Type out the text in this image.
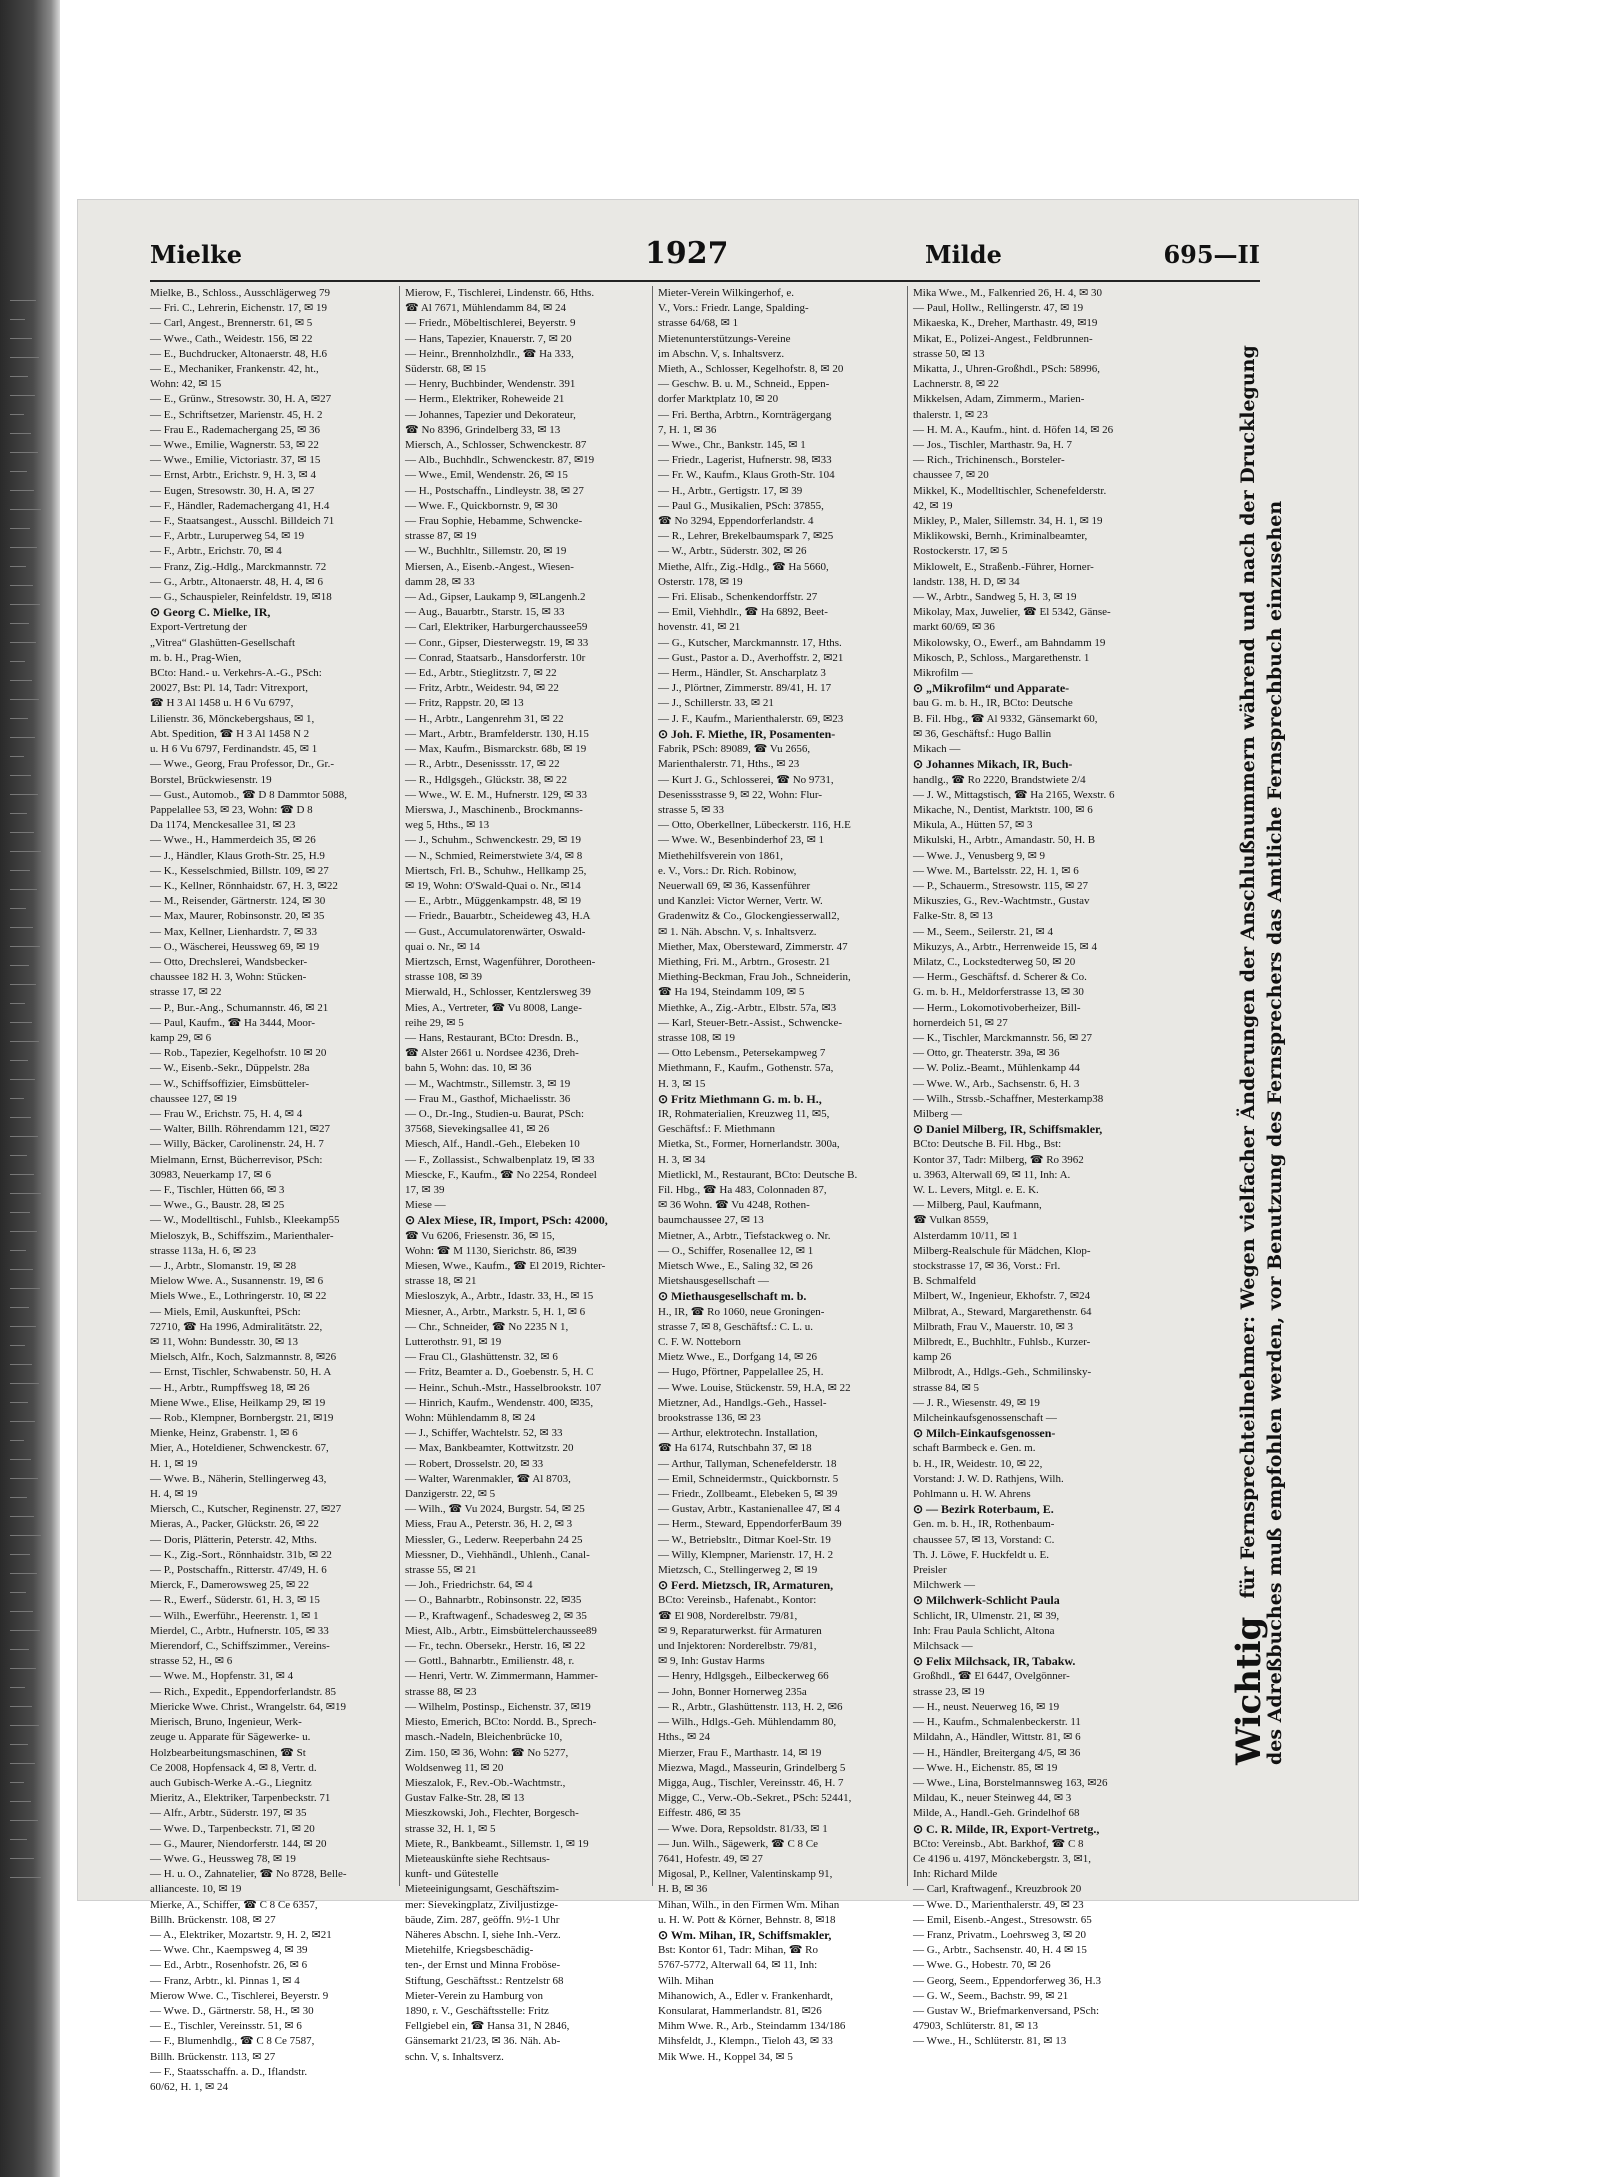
Mielke	1927	Milde	695—II
Mielke, B., Schloss., Ausschlägerweg 79
— Fri. C., Lehrerin, Eichenstr. 17, ✉ 19
— Carl, Angest., Brennerstr. 61, ✉ 5
— Wwe., Cath., Weidestr. 156, ✉ 22
— E., Buchdrucker, Altonaerstr. 48, H.6
— E., Mechaniker, Frankenstr. 42, ht.,
Wohn: 42, ✉ 15
— E., Grünw., Stresowstr. 30, H. A, ✉27
— E., Schriftsetzer, Marienstr. 45, H. 2
— Frau E., Rademachergang 25, ✉ 36
— Wwe., Emilie, Wagnerstr. 53, ✉ 22
— Wwe., Emilie, Victoriastr. 37, ✉ 15
— Ernst, Arbtr., Erichstr. 9, H. 3, ✉ 4
— Eugen, Stresowstr. 30, H. A, ✉ 27
— F., Händler, Rademachergang 41, H.4
— F., Staatsangest., Ausschl. Billdeich 71
— F., Arbtr., Luruperweg 54, ✉ 19
— F., Arbtr., Erichstr. 70, ✉ 4
— Franz, Zig.-Hdlg., Marckmannstr. 72
— G., Arbtr., Altonaerstr. 48, H. 4, ✉ 6
— G., Schauspieler, Reinfeldstr. 19, ✉18
⊙ Georg C. Mielke, IR,
Export-Vertretung der
„Vitrea“ Glashütten-Gesellschaft
m. b. H., Prag-Wien,
BCto: Hand.- u. Verkehrs-A.-G., PSch:
20027, Bst: Pl. 14, Tadr: Vitrexport,
☎ H 3 Al 1458 u. H 6 Vu 6797,
Lilienstr. 36, Mönckebergshaus, ✉ 1,
Abt. Spedition, ☎ H 3 Al 1458 N 2
u. H 6 Vu 6797, Ferdinandstr. 45, ✉ 1
— Wwe., Georg, Frau Professor, Dr., Gr.-
Borstel, Brückwiesenstr. 19
— Gust., Automob., ☎ D 8 Dammtor 5088,
Pappelallee 53, ✉ 23, Wohn: ☎ D 8
Da 1174, Menckesallee 31, ✉ 23
— Wwe., H., Hammerdeich 35, ✉ 26
— J., Händler, Klaus Groth-Str. 25, H.9
— K., Kesselschmied, Billstr. 109, ✉ 27
— K., Kellner, Rönnhaidstr. 67, H. 3, ✉22
— M., Reisender, Gärtnerstr. 124, ✉ 30
— Max, Maurer, Robinsonstr. 20, ✉ 35
— Max, Kellner, Lienhardstr. 7, ✉ 33
— O., Wäscherei, Heussweg 69, ✉ 19
— Otto, Drechslerei, Wandsbecker-
chaussee 182 H. 3, Wohn: Stücken-
strasse 17, ✉ 22
— P., Bur.-Ang., Schumannstr. 46, ✉ 21
— Paul, Kaufm., ☎ Ha 3444, Moor-
kamp 29, ✉ 6
— Rob., Tapezier, Kegelhofstr. 10 ✉ 20
— W., Eisenb.-Sekr., Düppelstr. 28a
— W., Schiffsoffizier, Eimsbütteler-
chaussee 127, ✉ 19
— Frau W., Erichstr. 75, H. 4, ✉ 4
— Walter, Billh. Röhrendamm 121, ✉27
— Willy, Bäcker, Carolinenstr. 24, H. 7
Mielmann, Ernst, Bücherrevisor, PSch:
30983, Neuerkamp 17, ✉ 6
— F., Tischler, Hütten 66, ✉ 3
— Wwe., G., Baustr. 28, ✉ 25
— W., Modelltischl., Fuhlsb., Kleekamp55
Mieloszyk, B., Schiffszim., Marienthaler-
strasse 113a, H. 6, ✉ 23
— J., Arbtr., Slomanstr. 19, ✉ 28
Mielow Wwe. A., Susannenstr. 19, ✉ 6
Miels Wwe., E., Lothringerstr. 10, ✉ 22
— Miels, Emil, Auskunftei, PSch:
72710, ☎ Ha 1996, Admiralitätstr. 22,
✉ 11, Wohn: Bundesstr. 30, ✉ 13
Mielsch, Alfr., Koch, Salzmannstr. 8, ✉26
— Ernst, Tischler, Schwabenstr. 50, H. A
— H., Arbtr., Rumpffsweg 18, ✉ 26
Miene Wwe., Elise, Heilkamp 29, ✉ 19
— Rob., Klempner, Bornbergstr. 21, ✉19
Mienke, Heinz, Grabenstr. 1, ✉ 6
Mier, A., Hoteldiener, Schwenckestr. 67,
H. 1, ✉ 19
— Wwe. B., Näherin, Stellingerweg 43,
H. 4, ✉ 19
Miersch, C., Kutscher, Reginenstr. 27, ✉27
Mieras, A., Packer, Glückstr. 26, ✉ 22
— Doris, Plätterin, Peterstr. 42, Mths.
— K., Zig.-Sort., Rönnhaidstr. 31b, ✉ 22
— P., Postschaffn., Ritterstr. 47/49, H. 6
Mierck, F., Damerowsweg 25, ✉ 22
— R., Ewerf., Süderstr. 61, H. 3, ✉ 15
— Wilh., Ewerführ., Heerenstr. 1, ✉ 1
Mierdel, C., Arbtr., Hufnerstr. 105, ✉ 33
Mierendorf, C., Schiffszimmer., Vereins-
strasse 52, H., ✉ 6
— Wwe. M., Hopfenstr. 31, ✉ 4
— Rich., Expedit., Eppendorferlandstr. 85
Miericke Wwe. Christ., Wrangelstr. 64, ✉19
Mierisch, Bruno, Ingenieur, Werk-
zeuge u. Apparate für Sägewerke- u.
Holzbearbeitungsmaschinen, ☎ St
Ce 2008, Hopfensack 4, ✉ 8, Vertr. d.
auch Gubisch-Werke A.-G., Liegnitz
Mieritz, A., Elektriker, Tarpenbeckstr. 71
— Alfr., Arbtr., Süderstr. 197, ✉ 35
— Wwe. D., Tarpenbeckstr. 71, ✉ 20
— G., Maurer, Niendorferstr. 144, ✉ 20
— Wwe. G., Heussweg 78, ✉ 19
— H. u. O., Zahnatelier, ☎ No 8728, Belle-
allianceste. 10, ✉ 19
Mierke, A., Schiffer, ☎ C 8 Ce 6357,
Billh. Brückenstr. 108, ✉ 27
— A., Elektriker, Mozartstr. 9, H. 2, ✉21
— Wwe. Chr., Kaempsweg 4, ✉ 39
— Ed., Arbtr., Rosenhofstr. 26, ✉ 6
— Franz, Arbtr., kl. Pinnas 1, ✉ 4
Mierow Wwe. C., Tischlerei, Beyerstr. 9
— Wwe. D., Gärtnerstr. 58, H., ✉ 30
— E., Tischler, Vereinsstr. 51, ✉ 6
— F., Blumenhdlg., ☎ C 8 Ce 7587,
Billh. Brückenstr. 113, ✉ 27
— F., Staatsschaffn. a. D., Iflandstr.
60/62, H. 1, ✉ 24
Mierow, F., Tischlerei, Lindenstr. 66, Hths.
☎ Al 7671, Mühlendamm 84, ✉ 24
— Friedr., Möbeltischlerei, Beyerstr. 9
— Hans, Tapezier, Knauerstr. 7, ✉ 20
— Heinr., Brennholzhdlr., ☎ Ha 333,
Süderstr. 68, ✉ 15
— Henry, Buchbinder, Wendenstr. 391
— Herm., Elektriker, Roheweide 21
— Johannes, Tapezier und Dekorateur,
☎ No 8396, Grindelberg 33, ✉ 13
Miersch, A., Schlosser, Schwenckestr. 87
— Alb., Buchhdlr., Schwenckestr. 87, ✉19
— Wwe., Emil, Wendenstr. 26, ✉ 15
— H., Postschaffn., Lindleystr. 38, ✉ 27
— Wwe. F., Quickbornstr. 9, ✉ 30
— Frau Sophie, Hebamme, Schwencke-
strasse 87, ✉ 19
— W., Buchhltr., Sillemstr. 20, ✉ 19
Miersen, A., Eisenb.-Angest., Wiesen-
damm 28, ✉ 33
— Ad., Gipser, Laukamp 9, ✉Langenh.2
— Aug., Bauarbtr., Starstr. 15, ✉ 33
— Carl, Elektriker, Harburgerchaussee59
— Conr., Gipser, Diesterwegstr. 19, ✉ 33
— Conrad, Staatsarb., Hansdorferstr. 10r
— Ed., Arbtr., Stieglitzstr. 7, ✉ 22
— Fritz, Arbtr., Weidestr. 94, ✉ 22
— Fritz, Rappstr. 20, ✉ 13
— H., Arbtr., Langenrehm 31, ✉ 22
— Mart., Arbtr., Bramfelderstr. 130, H.15
— Max, Kaufm., Bismarckstr. 68b, ✉ 19
— R., Arbtr., Desenissstr. 17, ✉ 22
— R., Hdlgsgeh., Glückstr. 38, ✉ 22
— Wwe., W. E. M., Hufnerstr. 129, ✉ 33
Mierswa, J., Maschinenb., Brockmanns-
weg 5, Hths., ✉ 13
— J., Schuhm., Schwenckestr. 29, ✉ 19
— N., Schmied, Reimerstwiete 3/4, ✉ 8
Miertsch, Frl. B., Schuhw., Hellkamp 25,
✉ 19, Wohn: O'Swald-Quai o. Nr., ✉14
— E., Arbtr., Müggenkampstr. 48, ✉ 19
— Friedr., Bauarbtr., Scheideweg 43, H.A
— Gust., Accumulatorenwärter, Oswald-
quai o. Nr., ✉ 14
Miertzsch, Ernst, Wagenführer, Dorotheen-
strasse 108, ✉ 39
Mierwald, H., Schlosser, Kentzlersweg 39
Mies, A., Vertreter, ☎ Vu 8008, Lange-
reihe 29, ✉ 5
— Hans, Restaurant, BCto: Dresdn. B.,
☎ Alster 2661 u. Nordsee 4236, Dreh-
bahn 5, Wohn: das. 10, ✉ 36
— M., Wachtmstr., Sillemstr. 3, ✉ 19
— Frau M., Gasthof, Michaelisstr. 36
— O., Dr.-Ing., Studien-u. Baurat, PSch:
37568, Sievekingsallee 41, ✉ 26
Miesch, Alf., Handl.-Geh., Elebeken 10
— F., Zollassist., Schwalbenplatz 19, ✉ 33
Miescke, F., Kaufm., ☎ No 2254, Rondeel
17, ✉ 39
Miese —
⊙ Alex Miese, IR, Import, PSch: 42000,
☎ Vu 6206, Friesenstr. 36, ✉ 15,
Wohn: ☎ M 1130, Sierichstr. 86, ✉39
Miesen, Wwe., Kaufm., ☎ El 2019, Richter-
strasse 18, ✉ 21
Miesloszyk, A., Arbtr., Idastr. 33, H., ✉ 15
Miesner, A., Arbtr., Markstr. 5, H. 1, ✉ 6
— Chr., Schneider, ☎ No 2235 N 1,
Lutterothstr. 91, ✉ 19
— Frau Cl., Glashüttenstr. 32, ✉ 6
— Fritz, Beamter a. D., Goebenstr. 5, H. C
— Heinr., Schuh.-Mstr., Hasselbrookstr. 107
— Hinrich, Kaufm., Wendenstr. 400, ✉35,
Wohn: Mühlendamm 8, ✉ 24
— J., Schiffer, Wachtelstr. 52, ✉ 33
— Max, Bankbeamter, Kottwitzstr. 20
— Robert, Drosselstr. 20, ✉ 33
— Walter, Warenmakler, ☎ Al 8703,
Danzigerstr. 22, ✉ 5
— Wilh., ☎ Vu 2024, Burgstr. 54, ✉ 25
Miess, Frau A., Peterstr. 36, H. 2, ✉ 3
Miessler, G., Lederw. Reeperbahn 24 25
Miessner, D., Viehhändl., Uhlenh., Canal-
strasse 55, ✉ 21
— Joh., Friedrichstr. 64, ✉ 4
— O., Bahnarbtr., Robinsonstr. 22, ✉35
— P., Kraftwagenf., Schadesweg 2, ✉ 35
Miest, Alb., Arbtr., Eimsbüttelerchaussee89
— Fr., techn. Obersekr., Herstr. 16, ✉ 22
— Gottl., Bahnarbtr., Emilienstr. 48, r.
— Henri, Vertr. W. Zimmermann, Hammer-
strasse 88, ✉ 23
— Wilhelm, Postinsp., Eichenstr. 37, ✉19
Miesto, Emerich, BCto: Nordd. B., Sprech-
masch.-Nadeln, Bleichenbrücke 10,
Zim. 150, ✉ 36, Wohn: ☎ No 5277,
Woldsenweg 11, ✉ 20
Mieszalok, F., Rev.-Ob.-Wachtmstr.,
Gustav Falke-Str. 28, ✉ 13
Mieszkowski, Joh., Flechter, Borgesch-
strasse 32, H. 1, ✉ 5
Miete, R., Bankbeamt., Sillemstr. 1, ✉ 19
Mieteauskünfte siehe Rechtsaus-
kunft- und Gütestelle
Mieteeinigungsamt, Geschäftszim-
mer: Sievekingplatz, Ziviljustizge-
bäude, Zim. 287, geöffn. 9½-1 Uhr
Näheres Abschn. I, siehe Inh.-Verz.
Mietehilfe, Kriegsbeschädig-
ten-, der Ernst und Minna Froböse-
Stiftung, Geschäftsst.: Rentzelstr 68
Mieter-Verein zu Hamburg von
1890, r. V., Geschäftsstelle: Fritz
Fellgiebel ein, ☎ Hansa 31, N 2846,
Gänsemarkt 21/23, ✉ 36. Näh. Ab-
schn. V, s. Inhaltsverz.
Mieter-Verein Wilkingerhof, e.
V., Vors.: Friedr. Lange, Spalding-
strasse 64/68, ✉ 1
Mietenunterstützungs-Vereine
im Abschn. V, s. Inhaltsverz.
Mieth, A., Schlosser, Kegelhofstr. 8, ✉ 20
— Geschw. B. u. M., Schneid., Eppen-
dorfer Marktplatz 10, ✉ 20
— Fri. Bertha, Arbtrn., Kornträgergang
7, H. 1, ✉ 36
— Wwe., Chr., Bankstr. 145, ✉ 1
— Friedr., Lagerist, Hufnerstr. 98, ✉33
— Fr. W., Kaufm., Klaus Groth-Str. 104
— H., Arbtr., Gertigstr. 17, ✉ 39
— Paul G., Musikalien, PSch: 37855,
☎ No 3294, Eppendorferlandstr. 4
— R., Lehrer, Brekelbaumspark 7, ✉25
— W., Arbtr., Süderstr. 302, ✉ 26
Miethe, Alfr., Zig.-Hdlg., ☎ Ha 5660,
Osterstr. 178, ✉ 19
— Fri. Elisab., Schenkendorffstr. 27
— Emil, Viehhdlr., ☎ Ha 6892, Beet-
hovenstr. 41, ✉ 21
— G., Kutscher, Marckmannstr. 17, Hths.
— Gust., Pastor a. D., Averhoffstr. 2, ✉21
— Herm., Händler, St. Anscharplatz 3
— J., Plörtner, Zimmerstr. 89/41, H. 17
— J., Schillerstr. 33, ✉ 21
— J. F., Kaufm., Marienthalerstr. 69, ✉23
⊙ Joh. F. Miethe, IR, Posamenten-
Fabrik, PSch: 89089, ☎ Vu 2656,
Marienthalerstr. 71, Hths., ✉ 23
— Kurt J. G., Schlosserei, ☎ No 9731,
Desenissstrasse 9, ✉ 22, Wohn: Flur-
strasse 5, ✉ 33
— Otto, Oberkellner, Lübeckerstr. 116, H.E
— Wwe. W., Besenbinderhof 23, ✉ 1
Miethehilfsverein von 1861,
e. V., Vors.: Dr. Rich. Robinow,
Neuerwall 69, ✉ 36, Kassenführer
und Kanzlei: Victor Werner, Vertr. W.
Gradenwitz & Co., Glockengiesserwall2,
✉ 1. Näh. Abschn. V, s. Inhaltsverz.
Miether, Max, Oberstewarđ, Zimmerstr. 47
Miething, Fri. M., Arbtrn., Grosestr. 21
Miething-Beckman, Frau Joh., Schneiderin,
☎ Ha 194, Steindamm 109, ✉ 5
Miethke, A., Zig.-Arbtr., Elbstr. 57a, ✉3
— Karl, Steuer-Betr.-Assist., Schwencke-
strasse 108, ✉ 19
— Otto Lebensm., Petersekampweg 7
Miethmann, F., Kaufm., Gothenstr. 57a,
H. 3, ✉ 15
⊙ Fritz Miethmann G. m. b. H.,
IR, Rohmaterialien, Kreuzweg 11, ✉5,
Geschäftsf.: F. Miethmann
Mietka, St., Former, Hornerlandstr. 300a,
H. 3, ✉ 34
Mietlickl, M., Restaurant, BCto: Deutsche B.
Fil. Hbg., ☎ Ha 483, Colonnaden 87,
✉ 36 Wohn. ☎ Vu 4248, Rothen-
baumchaussee 27, ✉ 13
Mietner, A., Arbtr., Tiefstackweg o. Nr.
— O., Schiffer, Rosenallee 12, ✉ 1
Mietsch Wwe., E., Saling 32, ✉ 26
Mietshausgesellschaft —
⊙ Miethausgesellschaft m. b.
H., IR, ☎ Ro 1060, neue Groningen-
strasse 7, ✉ 8, Geschäftsf.: C. L. u.
C. F. W. Notteborn
Mietz Wwe., E., Dorfgang 14, ✉ 26
— Hugo, Pförtner, Pappelallee 25, H.
— Wwe. Louise, Stückenstr. 59, H.A, ✉ 22
Mietzner, Ad., Handlgs.-Geh., Hassel-
brookstrasse 136, ✉ 23
— Arthur, elektrotechn. Installation,
☎ Ha 6174, Rutschbahn 37, ✉ 18
— Arthur, Tallyman, Schenefelderstr. 18
— Emil, Schneidermstr., Quickbornstr. 5
— Friedr., Zollbeamt., Elebeken 5, ✉ 39
— Gustav, Arbtr., Kastanienallee 47, ✉ 4
— Herm., Steward, EppendorferBaum 39
— W., Betriebsltr., Ditmar Koel-Str. 19
— Willy, Klempner, Marienstr. 17, H. 2
Mietzsch, C., Stellingerweg 2, ✉ 19
⊙ Ferd. Mietzsch, IR, Armaturen,
BCto: Vereinsb., Hafenabt., Kontor:
☎ El 908, Norderelbstr. 79/81,
✉ 9, Reparaturwerkst. für Armaturen
und Injektoren: Norderelbstr. 79/81,
✉ 9, Inh: Gustav Harms
— Henry, Hdlgsgeh., Eilbeckerweg 66
— John, Bonner Hornerweg 235a
— R., Arbtr., Glashüttenstr. 113, H. 2, ✉6
— Wilh., Hdlgs.-Geh. Mühlendamm 80,
Hths., ✉ 24
Mierzer, Frau F., Marthastr. 14, ✉ 19
Miezwa, Magd., Masseurin, Grindelberg 5
Migga, Aug., Tischler, Vereinsstr. 46, H. 7
Migge, C., Verw.-Ob.-Sekret., PSch: 52441,
Eiffestr. 486, ✉ 35
— Wwe. Dora, Repsoldstr. 81/33, ✉ 1
— Jun. Wilh., Sägewerk, ☎ C 8 Ce
7641, Hofestr. 49, ✉ 27
Migosal, P., Kellner, Valentinskamp 91,
H. B, ✉ 36
Mihan, Wilh., in den Firmen Wm. Mihan
u. H. W. Pott & Körner, Behnstr. 8, ✉18
⊙ Wm. Mihan, IR, Schiffsmakler,
Bst: Kontor 61, Tadr: Mihan, ☎ Ro
5767-5772, Alterwall 64, ✉ 11, Inh:
Wilh. Mihan
Mihanowich, A., Edler v. Frankenhardt,
Konsularat, Hammerlandstr. 81, ✉26
Mihm Wwe. R., Arb., Steindamm 134/186
Mihsfeldt, J., Klempn., Tieloh 43, ✉ 33
Mik Wwe. H., Koppel 34, ✉ 5
Mika Wwe., M., Falkenried 26, H. 4, ✉ 30
— Paul, Hollw., Rellingerstr. 47, ✉ 19
Mikaeska, K., Dreher, Marthastr. 49, ✉19
Mikat, E., Polizei-Angest., Feldbrunnen-
strasse 50, ✉ 13
Mikatta, J., Uhren-Großhdl., PSch: 58996,
Lachnerstr. 8, ✉ 22
Mikkelsen, Adam, Zimmerm., Marien-
thalerstr. 1, ✉ 23
— H. M. A., Kaufm., hint. d. Höfen 14, ✉ 26
— Jos., Tischler, Marthastr. 9a, H. 7
— Rich., Trichinensch., Borsteler-
chaussee 7, ✉ 20
Mikkel, K., Modelltischler, Schenefelderstr.
42, ✉ 19
Mikley, P., Maler, Sillemstr. 34, H. 1, ✉ 19
Miklikowski, Bernh., Kriminalbeamter,
Rostockerstr. 17, ✉ 5
Miklowelt, E., Straßenb.-Führer, Horner-
landstr. 138, H. D, ✉ 34
— W., Arbtr., Sandweg 5, H. 3, ✉ 19
Mikolay, Max, Juwelier, ☎ El 5342, Gänse-
markt 60/69, ✉ 36
Mikolowsky, O., Ewerf., am Bahndamm 19
Mikosch, P., Schloss., Margarethenstr. 1
Mikrofilm —
⊙ „Mikrofilm“ und Apparate-
bau G. m. b. H., IR, BCto: Deutsche
B. Fil. Hbg., ☎ Al 9332, Gänsemarkt 60,
✉ 36, Geschäftsf.: Hugo Ballin
Mikach —
⊙ Johannes Mikach, IR, Buch-
handlg., ☎ Ro 2220, Brandstwiete 2/4
— J. W., Mittagstisch, ☎ Ha 2165, Wexstr. 6
Mikache, N., Dentist, Marktstr. 100, ✉ 6
Mikula, A., Hütten 57, ✉ 3
Mikulski, H., Arbtr., Amandastr. 50, H. B
— Wwe. J., Venusberg 9, ✉ 9
— Wwe. M., Bartelsstr. 22, H. 1, ✉ 6
— P., Schauerm., Stresowstr. 115, ✉ 27
Mikuszies, G., Rev.-Wachtmstr., Gustav
Falke-Str. 8, ✉ 13
— M., Seem., Seilerstr. 21, ✉ 4
Mikuzys, A., Arbtr., Herrenweide 15, ✉ 4
Milatz, C., Lockstedterweg 50, ✉ 20
— Herm., Geschäftsf. d. Scherer & Co.
G. m. b. H., Meldorferstrasse 13, ✉ 30
— Herm., Lokomotivoberheizer, Bill-
hornerdeich 51, ✉ 27
— K., Tischler, Marckmannstr. 56, ✉ 27
— Otto, gr. Theaterstr. 39a, ✉ 36
— W. Poliz.-Beamt., Mühlenkamp 44
— Wwe. W., Arb., Sachsenstr. 6, H. 3
— Wilh., Strssb.-Schaffner, Mesterkamp38
Milberg —
⊙ Daniel Milberg, IR, Schiffsmakler,
BCto: Deutsche B. Fil. Hbg., Bst:
Kontor 37, Tadr: Milberg, ☎ Ro 3962
u. 3963, Alterwall 69, ✉ 11, Inh: A.
W. L. Levers, Mitgl. e. E. K.
— Milberg, Paul, Kaufmann,
☎ Vulkan 8559,
Alsterdamm 10/11, ✉ 1
Milberg-Realschule für Mädchen, Klop-
stockstrasse 17, ✉ 36, Vorst.: Frl.
B. Schmalfeld
Milbert, W., Ingenieur, Ekhofstr. 7, ✉24
Milbrat, A., Steward, Margarethenstr. 64
Milbrath, Frau V., Mauerstr. 10, ✉ 3
Milbredt, E., Buchhltr., Fuhlsb., Kurzer-
kamp 26
Milbrodt, A., Hdlgs.-Geh., Schmilinsky-
strasse 84, ✉ 5
— J. R., Wiesenstr. 49, ✉ 19
Milcheinkaufsgenossenschaft —
⊙ Milch-Einkaufsgenossen-
schaft Barmbeck e. Gen. m.
b. H., IR, Weidestr. 10, ✉ 22,
Vorstand: J. W. D. Rathjens, Wilh.
Pohlmann u. H. W. Ahrens
⊙ — Bezirk Roterbaum, E.
Gen. m. b. H., IR, Rothenbaum-
chaussee 57, ✉ 13, Vorstand: C.
Th. J. Löwe, F. Huckfeldt u. E.
Preisler
Milchwerk —
⊙ Milchwerk-Schlicht Paula
Schlicht, IR, Ulmenstr. 21, ✉ 39,
Inh: Frau Paula Schlicht, Altona
Milchsack —
⊙ Felix Milchsack, IR, Tabakw.
Großhdl., ☎ El 6447, Ovelgönner-
strasse 23, ✉ 19
— H., neust. Neuerweg 16, ✉ 19
— H., Kaufm., Schmalenbeckerstr. 11
Mildahn, A., Händler, Wittstr. 81, ✉ 6
— H., Händler, Breitergang 4/5, ✉ 36
— Wwe. H., Eichenstr. 85, ✉ 19
— Wwe., Lina, Borstelmannsweg 163, ✉26
Mildau, K., neuer Steinweg 44, ✉ 3
Milde, A., Handl.-Geh. Grindelhof 68
⊙ C. R. Milde, IR, Export-Vertretg.,
BCto: Vereinsb., Abt. Barkhof, ☎ C 8
Ce 4196 u. 4197, Mönckebergstr. 3, ✉1,
Inh: Richard Milde
— Carl, Kraftwagenf., Kreuzbrook 20
— Wwe. D., Marienthalerstr. 49, ✉ 23
— Emil, Eisenb.-Angest., Stresowstr. 65
— Franz, Privatm., Loehrsweg 3, ✉ 20
— G., Arbtr., Sachsenstr. 40, H. 4 ✉ 15
— Wwe. G., Hobestr. 70, ✉ 26
— Georg, Seem., Eppendorferweg 36, H.3
— G. W., Seem., Bachstr. 99, ✉ 21
— Gustav W., Briefmarkenversand, PSch:
47903, Schlüterstr. 81, ✉ 13
— Wwe., H., Schlüterstr. 81, ✉ 13
Wichtigfür Fernsprechteilnehmer: Wegen vielfacher Änderungen der Anschlußnummern während und nach der Drucklegung des Adreßbuches muß empfohlen werden, vor Benutzung des Fernsprechers das Amtliche Fernsprechbuch einzusehen
